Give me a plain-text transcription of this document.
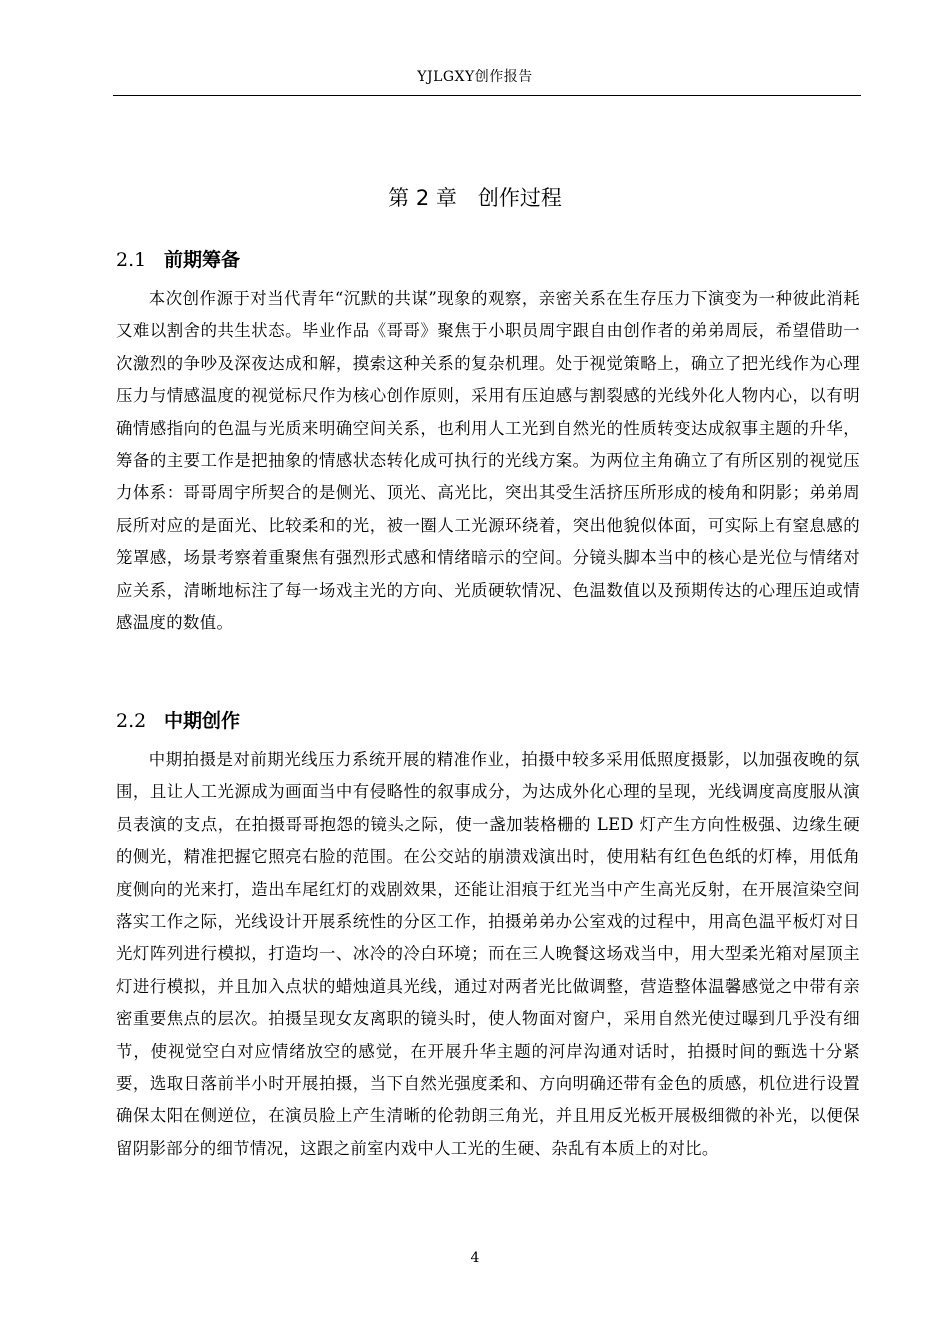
YJLGXY创作报告
第 2 章　创作过程
2.1 前期筹备

本次创作源于对当代青年“沉默的共谋”现象的观察，亲密关系在生存压力下演变为一种彼此消耗又难以割舍的共生状态。毕业作品《哥哥》聚焦于小职员周宇跟自由创作者的弟弟周辰，希望借助一次激烈的争吵及深夜达成和解，摸索这种关系的复杂机理。处于视觉策略上，确立了把光线作为心理压力与情感温度的视觉标尺作为核心创作原则，采用有压迫感与割裂感的光线外化人物内心，以有明确情感指向的色温与光质来明确空间关系，也利用人工光到自然光的性质转变达成叙事主题的升华，筹备的主要工作是把抽象的情感状态转化成可执行的光线方案。为两位主角确立了有所区别的视觉压力体系：哥哥周宇所契合的是侧光、顶光、高光比，突出其受生活挤压所形成的棱角和阴影；弟弟周辰所对应的是面光、比较柔和的光，被一圈人工光源环绕着，突出他貌似体面，可实际上有窒息感的笼罩感，场景考察着重聚焦有强烈形式感和情绪暗示的空间。分镜头脚本当中的核心是光位与情绪对应关系，清晰地标注了每一场戏主光的方向、光质硬软情况、色温数值以及预期传达的心理压迫或情感温度的数值。

2.2 中期创作

中期拍摄是对前期光线压力系统开展的精准作业，拍摄中较多采用低照度摄影，以加强夜晚的氛围，且让人工光源成为画面当中有侵略性的叙事成分，为达成外化心理的呈现，光线调度高度服从演员表演的支点，在拍摄哥哥抱怨的镜头之际，使一盏加装格栅的 LED 灯产生方向性极强、边缘生硬的侧光，精准把握它照亮右脸的范围。在公交站的崩溃戏演出时，使用粘有红色色纸的灯棒，用低角度侧向的光来打，造出车尾红灯的戏剧效果，还能让泪痕于红光当中产生高光反射，在开展渲染空间落实工作之际，光线设计开展系统性的分区工作，拍摄弟弟办公室戏的过程中，用高色温平板灯对日光灯阵列进行模拟，打造均一、冰冷的冷白环境；而在三人晚餐这场戏当中，用大型柔光箱对屋顶主灯进行模拟，并且加入点状的蜡烛道具光线，通过对两者光比做调整，营造整体温馨感觉之中带有亲密重要焦点的层次。拍摄呈现女友离职的镜头时，使人物面对窗户，采用自然光使过曝到几乎没有细节，使视觉空白对应情绪放空的感觉，在开展升华主题的河岸沟通对话时，拍摄时间的甄选十分紧要，选取日落前半小时开展拍摄，当下自然光强度柔和、方向明确还带有金色的质感，机位进行设置确保太阳在侧逆位，在演员脸上产生清晰的伦勃朗三角光，并且用反光板开展极细微的补光，以便保留阴影部分的细节情况，这跟之前室内戏中人工光的生硬、杂乱有本质上的对比。

4
